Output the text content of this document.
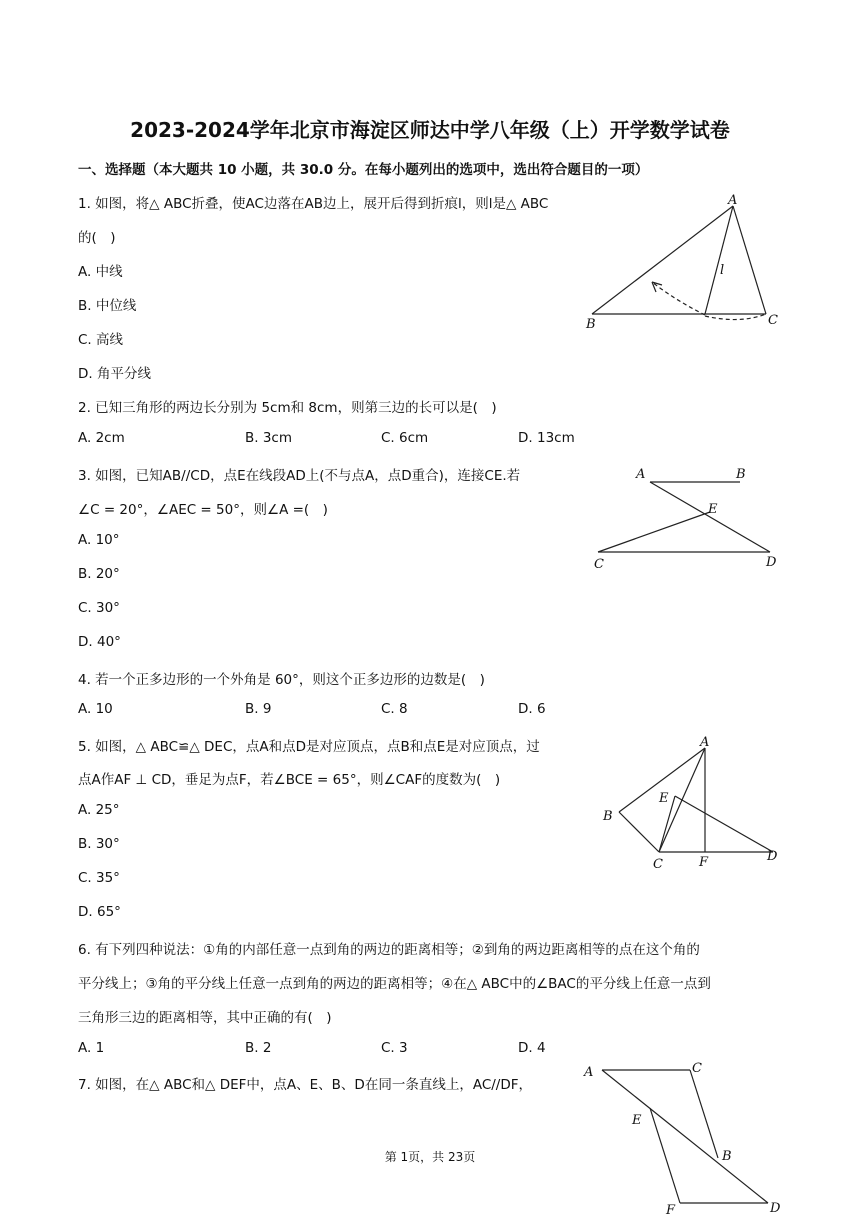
2023-2024学年北京市海淀区师达中学八年级（上）开学数学试卷
一、选择题（本大题共 10 小题，共 30.0 分。在每小题列出的选项中，选出符合题目的一项）
1. 如图，将△ ABC折叠，使AC边落在AB边上，展开后得到折痕l，则l是△ ABC
的(　)
A. 中线
B. 中位线
C. 高线
D. 角平分线
A
B	C
l
2. 已知三角形的两边长分别为 5cm和 8cm，则第三边的长可以是(　)
A. 2cm	B. 3cm	C. 6cm	D. 13cm
3. 如图，已知AB//CD，点E在线段AD上(不与点A，点D重合)，连接CE.若
∠C = 20°，∠AEC = 50°，则∠A =(　)
A. 10°
B. 20°
C. 30°
D. 40°
A	B
C	D
E
4. 若一个正多边形的一个外角是 60°，则这个正多边形的边数是(　)
A. 10	B. 9	C. 8	D. 6
5. 如图，△ ABC≌△ DEC，点A和点D是对应顶点，点B和点E是对应顶点，过
点A作AF ⊥ CD，垂足为点F，若∠BCE = 65°，则∠CAF的度数为(　)
A. 25°
B. 30°
C. 35°
D. 65°
A
B
C
D
E
F
6. 有下列四种说法：①角的内部任意一点到角的两边的距离相等；②到角的两边距离相等的点在这个角的
平分线上；③角的平分线上任意一点到角的两边的距离相等；④在△ ABC中的∠BAC的平分线上任意一点到
三角形三边的距离相等，其中正确的有(　)
A. 1	B. 2	C. 3	D. 4
7. 如图，在△ ABC和△ DEF中，点A、E、B、D在同一条直线上，AC//DF，
A	C
E
B
F	D
第 1页，共 23页
